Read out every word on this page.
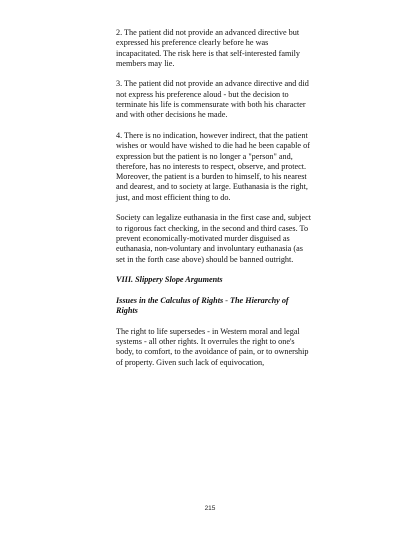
2. The patient did not provide an advanced directive but expressed his preference clearly before he was incapacitated. The risk here is that self-interested family members may lie.

3. The patient did not provide an advance directive and did not express his preference aloud - but the decision to terminate his life is commensurate with both his character and with other decisions he made.

4. There is no indication, however indirect, that the patient wishes or would have wished to die had he been capable of expression but the patient is no longer a "person" and, therefore, has no interests to respect, observe, and protect. Moreover, the patient is a burden to himself, to his nearest and dearest, and to society at large. Euthanasia is the right, just, and most efficient thing to do.

Society can legalize euthanasia in the first case and, subject to rigorous fact checking, in the second and third cases. To prevent economically-motivated murder disguised as euthanasia, non-voluntary and involuntary euthanasia (as set in the forth case above) should be banned outright.

VIII. Slippery Slope Arguments

Issues in the Calculus of Rights - The Hierarchy of Rights

The right to life supersedes - in Western moral and legal systems - all other rights. It overrules the right to one's body, to comfort, to the avoidance of pain, or to ownership of property. Given such lack of equivocation,

215
